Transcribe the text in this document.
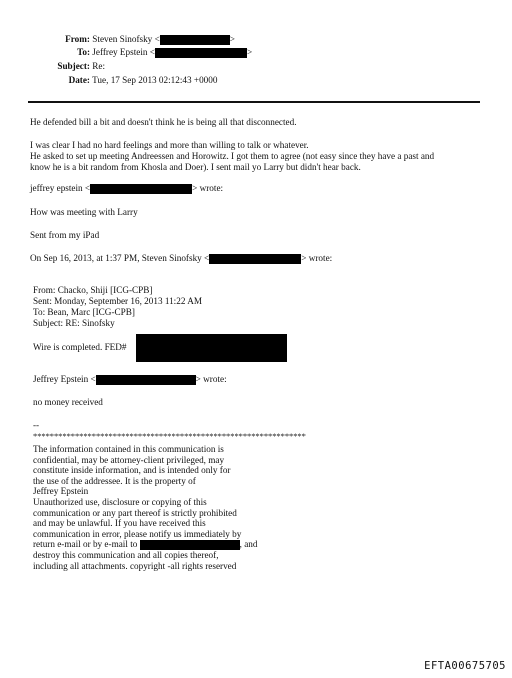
From: Steven Sinofsky <	>
To: Jeffrey Epstein <	>
Subject: Re:
Date: Tue, 17 Sep 2013 02:12:43 +0000
He defended bill a bit and doesn't think he is being all that disconnected.
I was clear I had no hard feelings and more than willing to talk or whatever.
He asked to set up meeting Andreessen and Horowitz. I got them to agree (not easy since they have a past and
know he is a bit random from Khosla and Doer). I sent mail yo Larry but didn't hear back.
jeffrey epstein <	> wrote:
How was meeting with Larry
Sent from my iPad
On Sep 16, 2013, at 1:37 PM, Steven Sinofsky <	> wrote:
From: Chacko, Shiji [ICG-CPB]
Sent: Monday, September 16, 2013 11:22 AM
To: Bean, Marc [ICG-CPB]
Subject: RE: Sinofsky
Wire is completed. FED#
Jeffrey Epstein <	> wrote:
no money received
--
*****************************************************************
The information contained in this communication is
confidential, may be attorney-client privileged, may
constitute inside information, and is intended only for
the use of the addressee. It is the property of
Jeffrey Epstein
Unauthorized use, disclosure or copying of this
communication or any part thereof is strictly prohibited
and may be unlawful. If you have received this
communication in error, please notify us immediately by
return e-mail or by e-mail to	, and
destroy this communication and all copies thereof,
including all attachments. copyright -all rights reserved
EFTA00675705
